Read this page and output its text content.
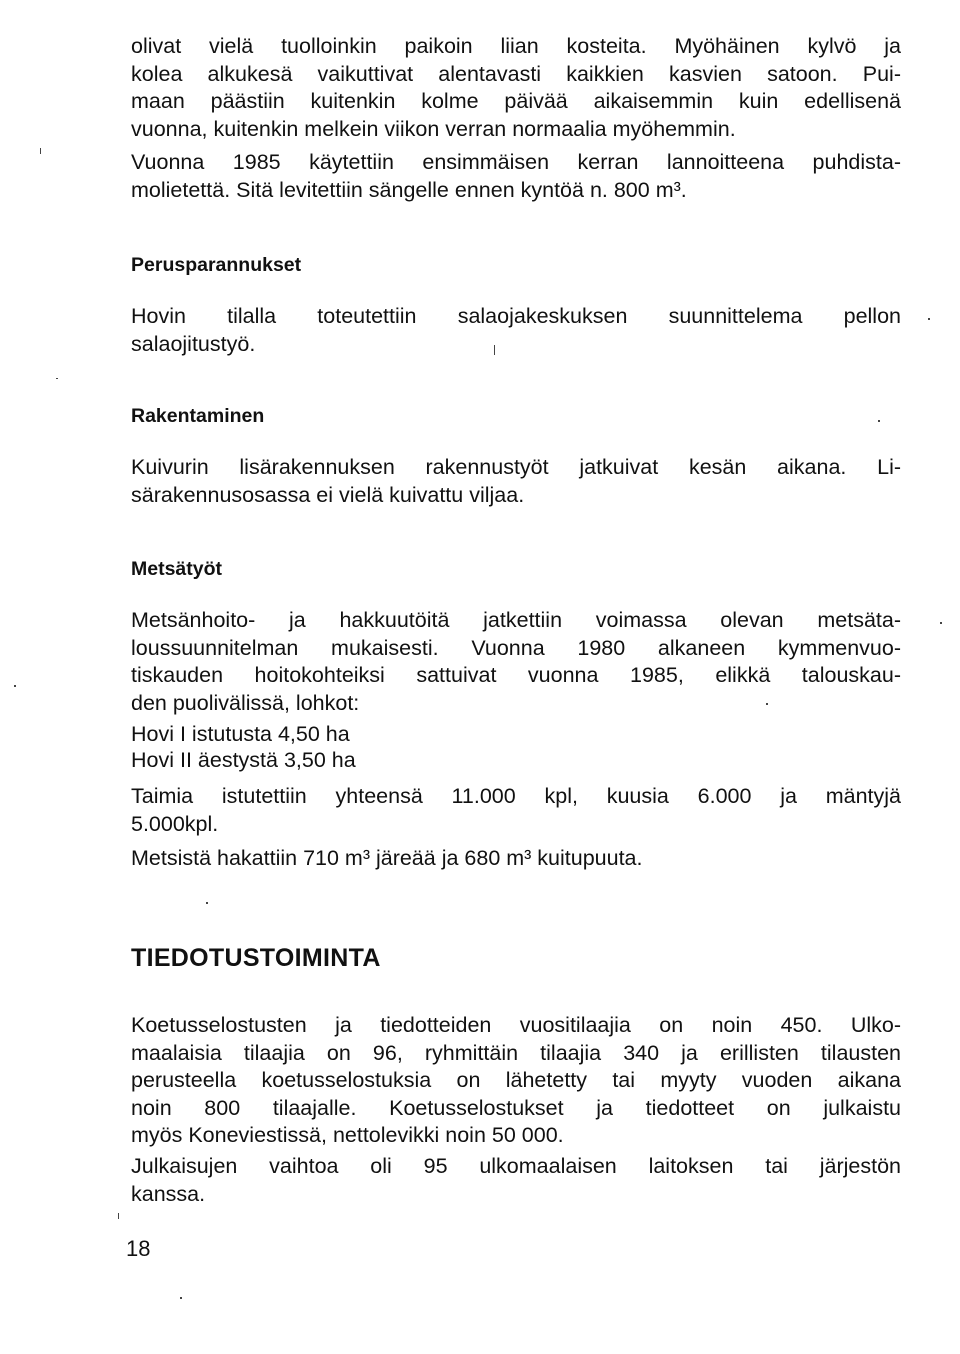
olivat vielä tuolloinkin paikoin liian kosteita. Myöhäinen kylvö ja
kolea alkukesä vaikuttivat alentavasti kaikkien kasvien satoon. Pui-
maan päästiin kuitenkin kolme päivää aikaisemmin kuin edellisenä
vuonna, kuitenkin melkein viikon verran normaalia myöhemmin.
Vuonna 1985 käytettiin ensimmäisen kerran lannoitteena puhdista-
molietettä. Sitä levitettiin sängelle ennen kyntöä n. 800 m³.
Perusparannukset
Hovin tilalla toteutettiin salaojakeskuksen suunnittelema pellon
salaojitustyö.
Rakentaminen
Kuivurin lisärakennuksen rakennustyöt jatkuivat kesän aikana. Li-
särakennusosassa ei vielä kuivattu viljaa.
Metsätyöt
Metsänhoito- ja hakkuutöitä jatkettiin voimassa olevan metsäta-
loussuunnitelman mukaisesti. Vuonna 1980 alkaneen kymmenvuo-
tiskauden hoitokohteiksi sattuivat vuonna 1985, elikkä talouskau-
den puolivälissä, lohkot:
Hovi I istutusta 4,50 ha
Hovi II äestystä 3,50 ha
Taimia istutettiin yhteensä 11.000 kpl, kuusia 6.000 ja mäntyjä
5.000kpl.
Metsistä hakattiin 710 m³ järeää ja 680 m³ kuitupuuta.
TIEDOTUSTOIMINTA
Koetusselostusten ja tiedotteiden vuositilaajia on noin 450. Ulko-
maalaisia tilaajia on 96, ryhmittäin tilaajia 340 ja erillisten tilausten
perusteella koetusselostuksia on lähetetty tai myyty vuoden aikana
noin 800 tilaajalle. Koetusselostukset ja tiedotteet on julkaistu
myös Koneviestissä, nettolevikki noin 50 000.
Julkaisujen vaihtoa oli 95 ulkomaalaisen laitoksen tai järjestön
kanssa.

18
